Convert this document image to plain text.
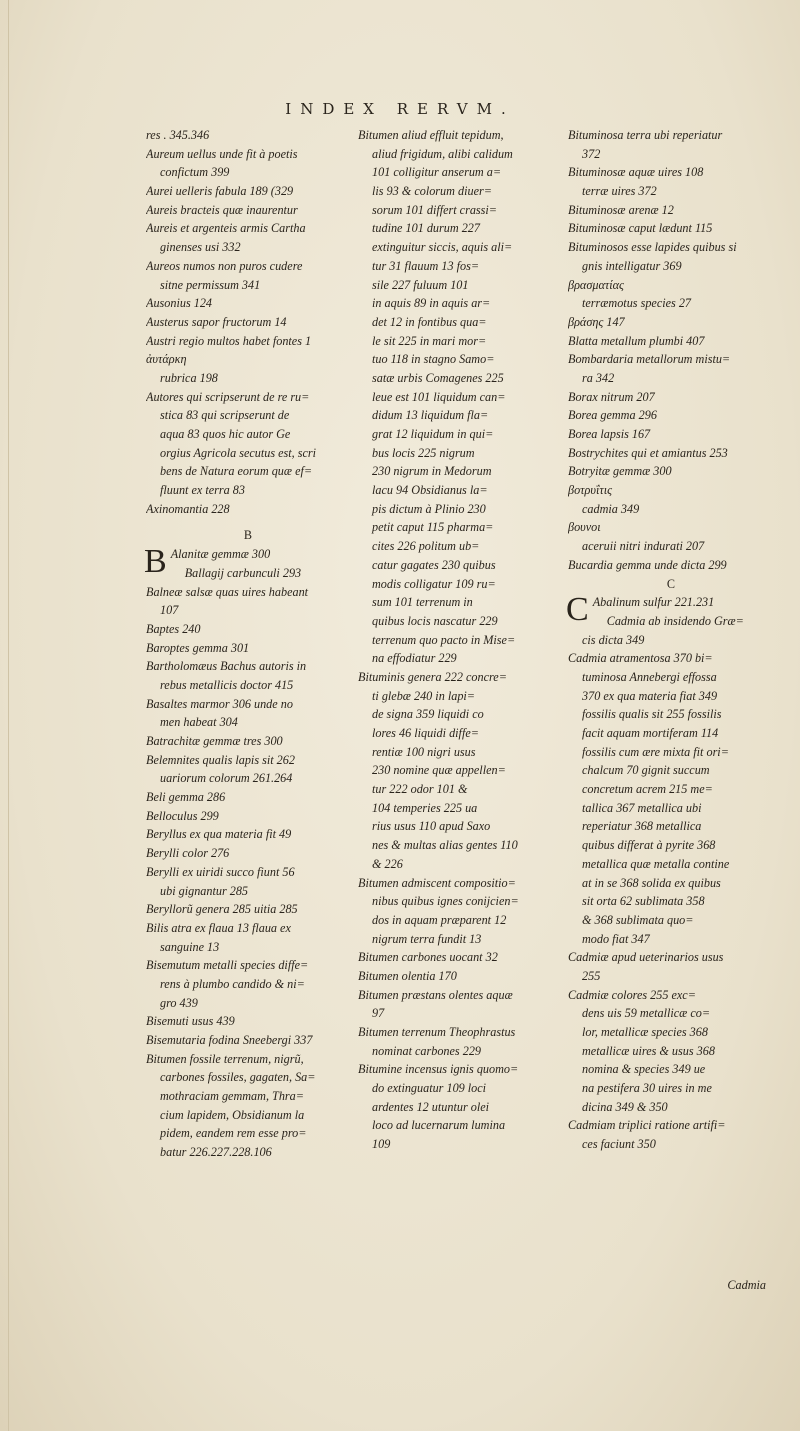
INDEX RERVM.
res . 345.346
Aureum uellus unde fit à poetis
confictum 399
Aurei uelleris fabula 189 (329
Aureis bracteis quæ inaurentur
Aureis et argenteis armis Cartha
ginenses usi 332
Aureos numos non puros cudere
sitne permissum 341
Ausonius 124
Austerus sapor fructorum 14
Austri regio multos habet fontes 1
ἀυτάρκη
rubrica 198
Autores qui scripserunt de re ru=
stica 83 qui scripserunt de
aqua 83 quos hic autor Ge
orgius Agricola secutus est, scri
bens de Natura eorum quæ ef=
fluunt ex terra 83
Axinomantia 228
B
B Alanitæ gemmæ 300
Ballagij carbunculi 293
Balneæ salsæ quas uires habeant
107
Baptes 240
Baroptes gemma 301
Bartholomæus Bachus autoris in
rebus metallicis doctor 415
Basaltes marmor 306 unde no
men habeat 304
Batrachitæ gemmæ tres 300
Belemnites qualis lapis sit 262
uariorum colorum 261.264
Beli gemma 286
Belloculus 299
Beryllus ex qua materia fit 49
Berylli color 276
Berylli ex uiridi succo fiunt 56
ubi gignantur 285
Beryllorũ genera 285 uitia 285
Bilis atra ex flaua 13 flaua ex
sanguine 13
Bisemutum metalli species diffe=
rens à plumbo candido & ni=
gro 439
Bisemuti usus 439
Bisemutaria fodina Sneebergi 337
Bitumen fossile terrenum, nigrũ,
carbones fossiles, gagaten, Sa=
mothraciam gemmam, Thra=
cium lapidem, Obsidianum la
pidem, eandem rem esse pro=
batur 226.227.228.106
Bitumen aliud effluit tepidum,
aliud frigidum, alibi calidum
101 colligitur anserum a=
lis 93 & colorum diuer=
sorum 101 differt crassi=
tudine 101 durum 227
extinguitur siccis, aquis ali=
tur 31 flauum 13 fos=
sile 227 fuluum 101
in aquis 89 in aquis ar=
det 12 in fontibus qua=
le sit 225 in mari mor=
tuo 118 in stagno Samo=
satæ urbis Comagenes 225
leue est 101 liquidum can=
didum 13 liquidum fla=
grat 12 liquidum in qui=
bus locis 225 nigrum
230 nigrum in Medorum
lacu 94 Obsidianus la=
pis dictum à Plinio 230
petit caput 115 pharma=
cites 226 politum ub=
catur gagates 230 quibus
modis colligatur 109 ru=
sum 101 terrenum in
quibus locis nascatur 229
terrenum quo pacto in Mise=
na effodiatur 229
Bituminis genera 222 concre=
ti glebæ 240 in lapi=
de signa 359 liquidi co
lores 46 liquidi diffe=
rentiæ 100 nigri usus
230 nomine quæ appellen=
tur 222 odor 101 &
104 temperies 225 ua
rius usus 110 apud Saxo
nes & multas alias gentes 110
& 226
Bitumen admiscent compositio=
nibus quibus ignes conijcien=
dos in aquam præparent 12
nigrum terra fundit 13
Bitumen carbones uocant 32
Bitumen olentia 170
Bitumen præstans olentes aquæ
97
Bitumen terrenum Theophrastus
nominat carbones 229
Bitumine incensus ignis quomo=
do extinguatur 109 loci
ardentes 12 utuntur olei
loco ad lucernarum lumina
109
Bituminosa terra ubi reperiatur
372
Bituminosæ aquæ uires 108
terræ uires 372
Bituminosæ arenæ 12
Bituminosæ caput lædunt 115
Bituminosos esse lapides quibus si
gnis intelligatur 369
βρασματίας
terræmotus species 27
βράσης 147
Blatta metallum plumbi 407
Bombardaria metallorum mistu=
ra 342
Borax nitrum 207
Borea gemma 296
Borea lapsis 167
Bostrychites qui et amiantus 253
Botryitæ gemmæ 300
βοτρυΐτις
cadmia 349
βουνοι
aceruii nitri indurati 207
Bucardia gemma unde dicta 299
C
C Abalinum sulfur 221.231
Cadmia ab insidendo Græ=
cis dicta 349
Cadmia atramentosa 370 bi=
tuminosa Annebergi effossa
370 ex qua materia fiat 349
fossilis qualis sit 255 fossilis
facit aquam mortiferam 114
fossilis cum ære mixta fit ori=
chalcum 70 gignit succum
concretum acrem 215 me=
tallica 367 metallica ubi
reperiatur 368 metallica
quibus differat à pyrite 368
metallica quæ metalla contine
at in se 368 solida ex quibus
sit orta 62 sublimata 358
& 368 sublimata quo=
modo fiat 347
Cadmiæ apud ueterinarios usus
255
Cadmiæ colores 255 exc=
dens uis 59 metallicæ co=
lor, metallicæ species 368
metallicæ uires & usus 368
nomina & species 349 ue
na pestifera 30 uires in me
dicina 349 & 350
Cadmiam triplici ratione artifi=
ces faciunt 350
Cadmia
